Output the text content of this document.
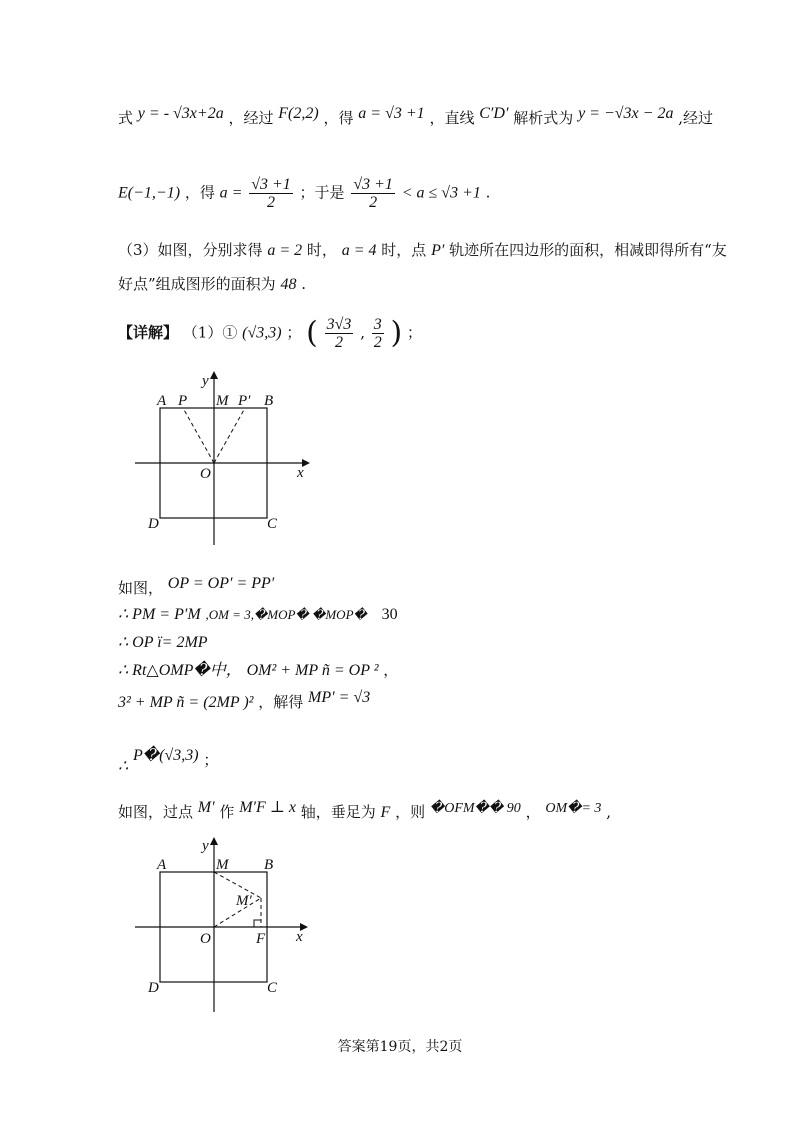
式 y = - √3x+2a ，经过 F(2,2) ，得 a = √3 +1 ，直线 C′D′ 解析式为 y = −√3x − 2a ,经过
E(−1,−1) ，得 $a = \frac{√3 +1}{2}$ ；于是 $\frac{√3 +1}{2} < a \le √3 +1$ .
（3）如图，分别求得 a = 2 时， a = 4 时，点 P′ 轨迹所在四边形的面积，相减即得所有“友
好点”组成图形的面积为 48 .
【详解】 （1）① (√3,3) ； ( $\frac{3√3}{2}$ , $\frac{3}{2}$ ) ；
A P M P′ B
y
x
O
D	C
如图， OP = OP′ = PP′
∴ PM = P′M ,OM = 3,�MOP� �MOP� 30
∴ OP ï= 2MP
∴ Rt△OMP�中， OM² + MP ñ = OP ² ，
3² + MP ñ = (2MP )² ，解得 MP′ = √3
∴ P�(√3,3) ；
如图，过点 M′ 作 M′F ⊥ x 轴，垂足为 F ，则 �OFM�� 90 ， OM�= 3 ,
A	M B
M′
y
x
O	F
D	C
答案第19页，共2页
